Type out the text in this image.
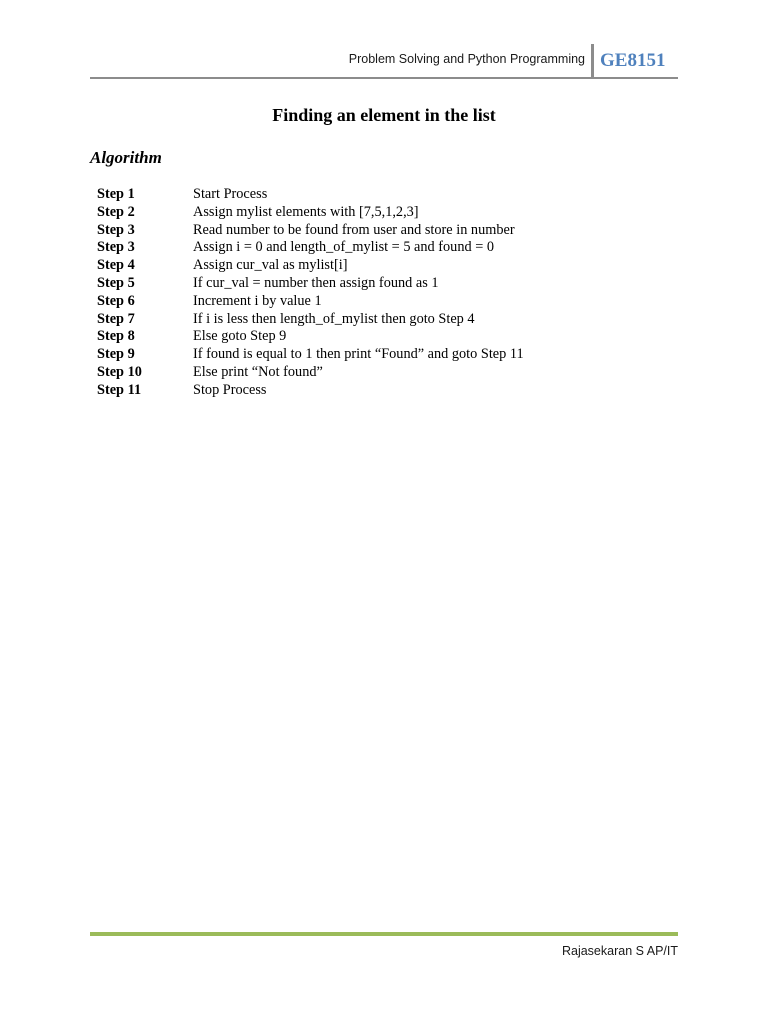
Problem Solving and Python Programming GE8151
Finding an element in the list
Algorithm
Step 1	Start Process
Step 2	Assign mylist elements with [7,5,1,2,3]
Step 3	Read number to be found from user and store in number
Step 3	Assign i = 0 and length_of_mylist = 5 and found = 0
Step 4	Assign cur_val as mylist[i]
Step 5	If cur_val = number then assign found as 1
Step 6	Increment i by value 1
Step 7	If i is less then length_of_mylist then goto Step 4
Step 8	Else goto Step 9
Step 9	If found is equal to 1 then print “Found” and goto Step 11
Step 10	Else print “Not found”
Step 11	Stop Process
Rajasekaran S AP/IT
